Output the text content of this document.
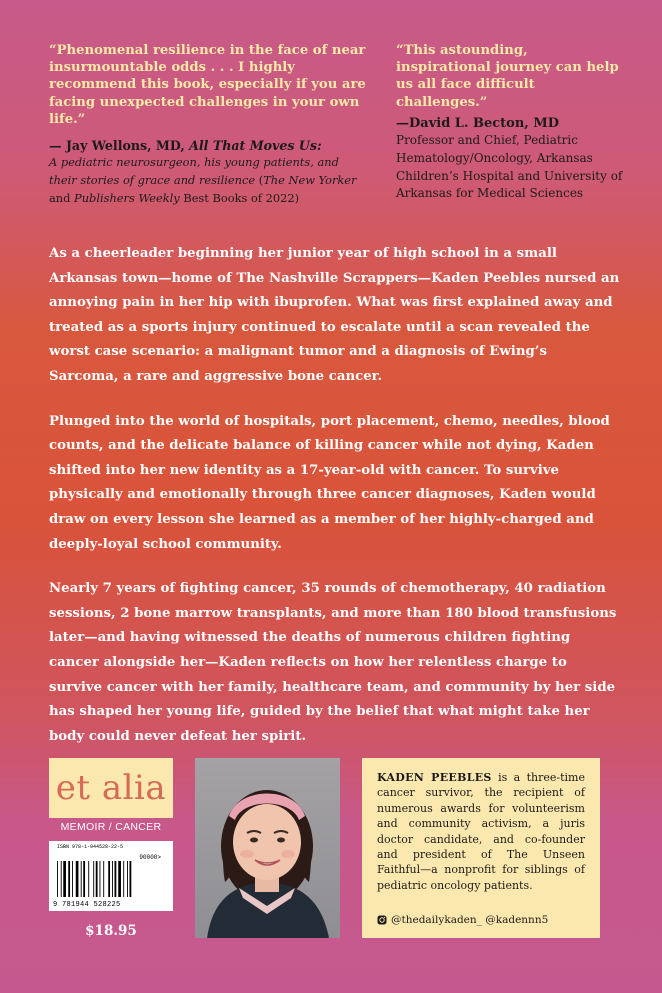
“Phenomenal resilience in the face of near insurmountable odds . . . I highly recommend this book, especially if you are facing unexpected challenges in your own life.”
— Jay Wellons, MD, All That Moves Us:
A pediatric neurosurgeon, his young patients, and their stories of grace and resilience (The New Yorker and Publishers Weekly Best Books of 2022)
“This astounding, inspirational journey can help us all face difficult challenges.”
—David L. Becton, MD
Professor and Chief, Pediatric Hematology/Oncology, Arkansas Children’s Hospital and University of Arkansas for Medical Sciences

As a cheerleader beginning her junior year of high school in a small Arkansas town—home of The Nashville Scrappers—Kaden Peebles nursed an annoying pain in her hip with ibuprofen. What was first explained away and treated as a sports injury continued to escalate until a scan revealed the worst case scenario: a malignant tumor and a diagnosis of Ewing’s Sarcoma, a rare and aggressive bone cancer.

Plunged into the world of hospitals, port placement, chemo, needles, blood counts, and the delicate balance of killing cancer while not dying, Kaden shifted into her new identity as a 17-year-old with cancer. To survive physically and emotionally through three cancer diagnoses, Kaden would draw on every lesson she learned as a member of her highly-charged and deeply-loyal school community.

Nearly 7 years of fighting cancer, 35 rounds of chemotherapy, 40 radiation sessions, 2 bone marrow transplants, and more than 180 blood transfusions later—and having witnessed the deaths of numerous children fighting cancer alongside her—Kaden reflects on how her relentless charge to survive cancer with her family, healthcare team, and community by her side has shaped her young life, guided by the belief that what might take her body could never defeat her spirit.

et alia
MEMOIR / CANCER
ISBN 978-1-944528-22-5
90000>
9 781944 528225
$18.95
KADEN PEEBLES is a three-time cancer survivor, the recipient of numerous awards for volunteerism and community activism, a juris doctor candidate, and co-founder and president of The Unseen Faithful—a nonprofit for siblings of pediatric oncology patients.
@thedailykaden_ @kadennn5
